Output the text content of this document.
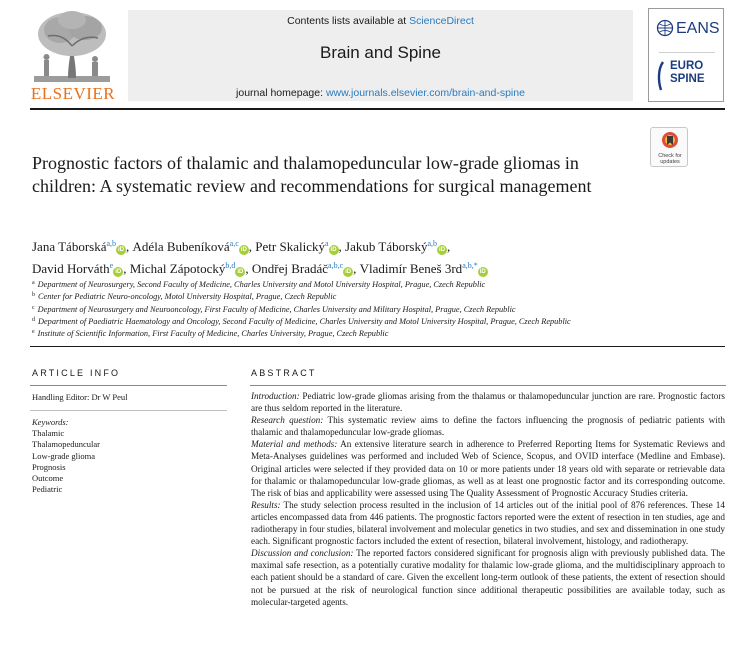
ELSEVIER
Contents lists available at ScienceDirect
Brain and Spine
journal homepage: www.journals.elsevier.com/brain-and-spine
EANS
EURO
SPINE
Check for
updates
Prognostic factors of thalamic and thalamopeduncular low-grade gliomas in children: A systematic review and recommendations for surgical management
Jana Táborská$^{a,b}$iD , Adéla Bubeníková$^{a,c}$iD , Petr Skalický$^a$iD , Jakub Táborský$^{a,b}$iD ,
David Horváth$^e$iD , Michal Zápotocký$^{b,d}$iD , Ondřej Bradáč$^{a,b,c}$iD , Vladimír Beneš $3rd^{a,b,*}iD$
$^a$ Department of Neurosurgery, Second Faculty of Medicine, Charles University and Motol University Hospital, Prague, Czech Republic
$^b$ Center for Pediatric Neuro-oncology, Motol University Hospital, Prague, Czech Republic
$^c$ Department of Neurosurgery and Neurooncology, First Faculty of Medicine, Charles University and Military Hospital, Prague, Czech Republic
$^d$ Department of Paediatric Haematology and Oncology, Second Faculty of Medicine, Charles University and Motol University Hospital, Prague, Czech Republic
$^e$ Institute of Scientific Information, First Faculty of Medicine, Charles University, Prague, Czech Republic
ARTICLE INFO
Handling Editor: Dr W Peul
Keywords:
Thalamic
Thalamopeduncular
Low-grade glioma
Prognosis
Outcome
Pediatric
ABSTRACT

Introduction: Pediatric low-grade gliomas arising from the thalamus or thalamopeduncular junction are rare. Prognostic factors are thus seldom reported in the literature.

Research question: This systematic review aims to define the factors influencing the prognosis of pediatric patients with thalamic and thalamopeduncular low-grade gliomas.

Material and methods: An extensive literature search in adherence to Preferred Reporting Items for Systematic Reviews and Meta-Analyses guidelines was performed and included Web of Science, Scopus, and OVID interface (Medline and Embase). Original articles were selected if they provided data on 10 or more patients under 18 years old with separate or retrievable data for thalamic or thalamopeduncular low-grade gliomas, as well as at least one prognostic factor and its corresponding outcome. The risk of bias and applicability were assessed using The Quality Assessment of Prognostic Accuracy Studies criteria.

Results: The study selection process resulted in the inclusion of 14 articles out of the initial pool of 876 references. These 14 articles encompassed data from 446 patients. The prognostic factors reported were the extent of resection in ten studies, age and radiotherapy in four studies, bilateral involvement and molecular genetics in two studies, and sex and dissemination in one study each. Significant prognostic factors included the extent of resection, bilateral involvement, histology, and radiotherapy.

Discussion and conclusion: The reported factors considered significant for prognosis align with previously published data. The maximal safe resection, as a potentially curative modality for thalamic low-grade glioma, and the multidisciplinary approach to each patient should be a standard of care. Given the excellent long-term outlook of these patients, the extent of resection should not be pursued at the risk of neurological function since additional therapeutic possibilities are available today, such as molecular-targeted agents.
